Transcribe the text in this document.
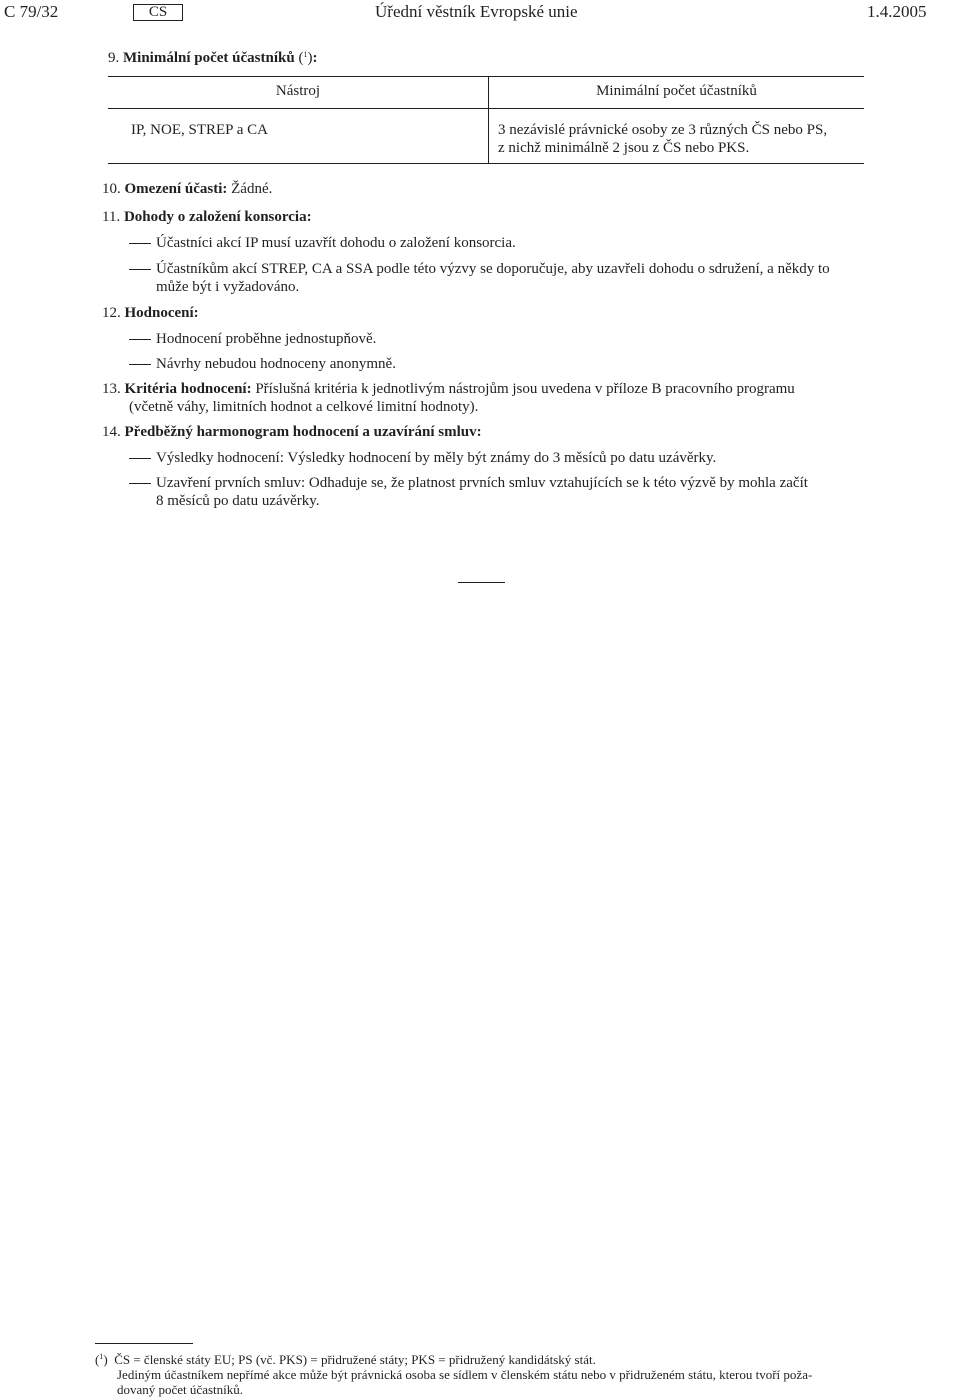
C 79/32	CS	Úřední věstník Evropské unie	1.4.2005
9. Minimální počet účastníků ($^1$):
Nástroj	Minimální počet účastníků
IP, NOE, STREP a CA	3 nezávislé právnické osoby ze 3 různých ČS nebo PS,
z nichž minimálně 2 jsou z ČS nebo PKS.
10. Omezení účasti: Žádné.
11. Dohody o založení konsorcia:
Účastníci akcí IP musí uzavřít dohodu o založení konsorcia.
Účastníkům akcí STREP, CA a SSA podle této výzvy se doporučuje, aby uzavřeli dohodu o sdružení, a někdy to
může být i vyžadováno.
12. Hodnocení:
Hodnocení proběhne jednostupňově.
Návrhy nebudou hodnoceny anonymně.
13. Kritéria hodnocení: Příslušná kritéria k jednotlivým nástrojům jsou uvedena v příloze B pracovního programu
(včetně váhy, limitních hodnot a celkové limitní hodnoty).
14. Předběžný harmonogram hodnocení a uzavírání smluv:
Výsledky hodnocení: Výsledky hodnocení by měly být známy do 3 měsíců po datu uzávěrky.
Uzavření prvních smluv: Odhaduje se, že platnost prvních smluv vztahujících se k této výzvě by mohla začít
8 měsíců po datu uzávěrky.
($^1$) ČS = členské státy EU; PS (vč. PKS) = přidružené státy; PKS = přidružený kandidátský stát.
Jediným účastníkem nepřímé akce může být právnická osoba se sídlem v členském státu nebo v přidruženém státu, kterou tvoří poža-
dovaný počet účastníků.
